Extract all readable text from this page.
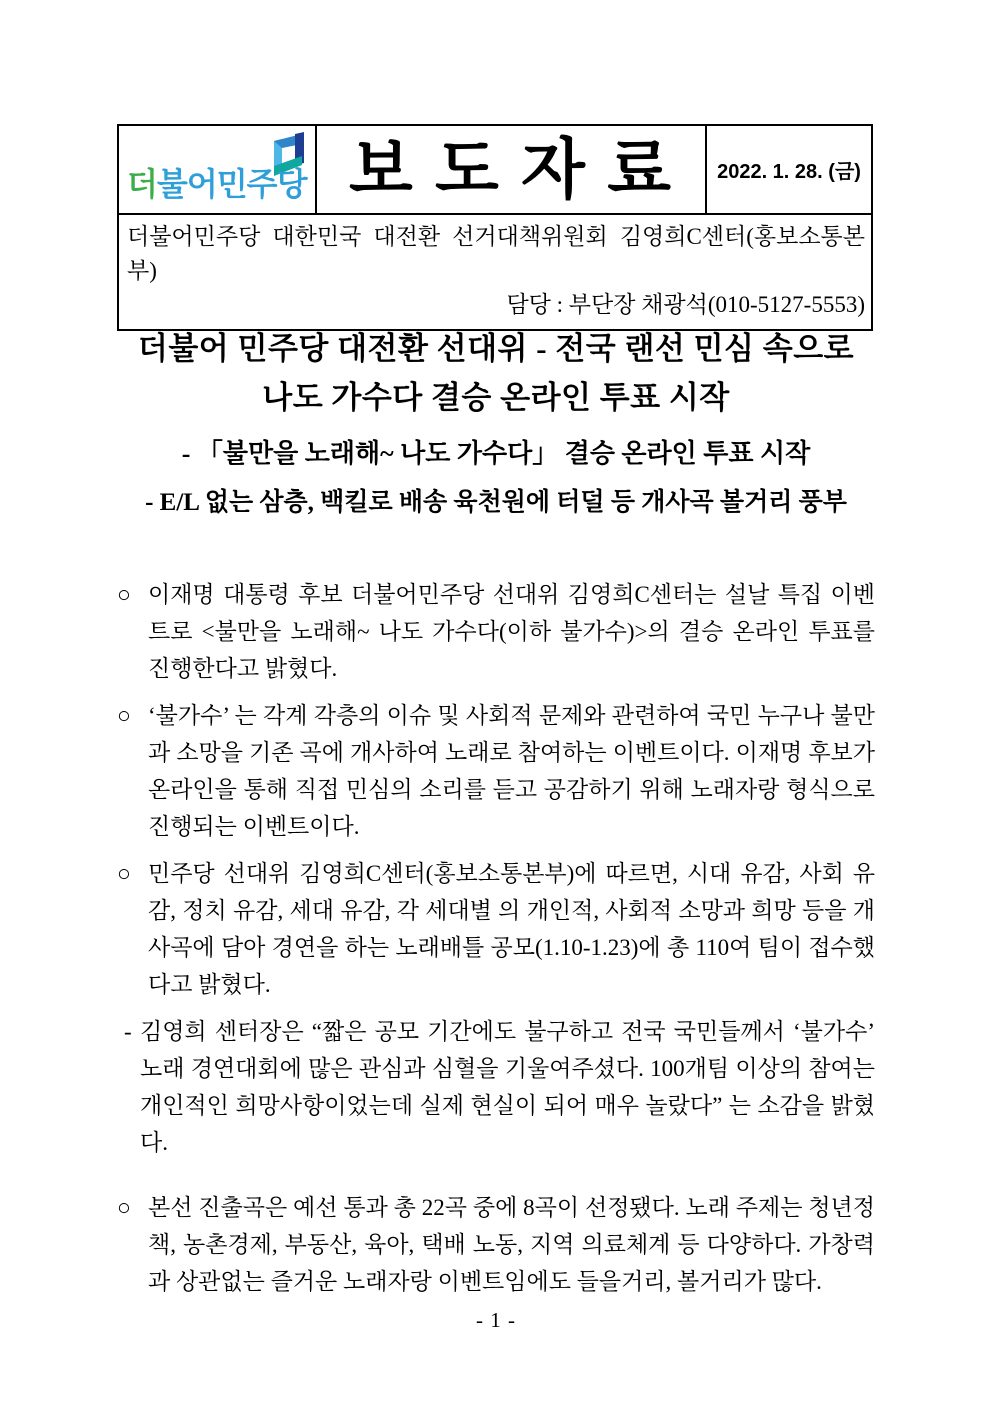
더불어민주당 보 도 자 료 2022. 1. 28. (금)
더불어민주당 대한민국 대전환 선거대책위원회 김영희C센터(홍보소통본부)
담당 : 부단장 채광석(010-5127-5553)
더불어 민주당 대전환 선대위 - 전국 랜선 민심 속으로
나도 가수다 결승 온라인 투표 시작
- 「불만을 노래해~ 나도 가수다」 결승 온라인 투표 시작
- E/L 없는 삼층, 백킬로 배송 육천원에 터덜 등 개사곡 볼거리 풍부
○ 이재명 대통령 후보 더불어민주당 선대위 김영희C센터는 설날 특집 이벤트로 <불만을 노래해~ 나도 가수다(이하 불가수)>의 결승 온라인 투표를 진행한다고 밝혔다.
○ ‘불가수’ 는 각계 각층의 이슈 및 사회적 문제와 관련하여 국민 누구나 불만과 소망을 기존 곡에 개사하여 노래로 참여하는 이벤트이다. 이재명 후보가 온라인을 통해 직접 민심의 소리를 듣고 공감하기 위해 노래자랑 형식으로 진행되는 이벤트이다.
○ 민주당 선대위 김영희C센터(홍보소통본부)에 따르면, 시대 유감, 사회 유감, 정치 유감, 세대 유감, 각 세대별 의 개인적, 사회적 소망과 희망 등을 개사곡에 담아 경연을 하는 노래배틀 공모(1.10-1.23)에 총 110여 팀이 접수했다고 밝혔다.
- 김영희 센터장은 “짧은 공모 기간에도 불구하고 전국 국민들께서 ‘불가수’ 노래 경연대회에 많은 관심과 심혈을 기울여주셨다. 100개팀 이상의 참여는 개인적인 희망사항이었는데 실제 현실이 되어 매우 놀랐다” 는 소감을 밝혔다.
○ 본선 진출곡은 예선 통과 총 22곡 중에 8곡이 선정됐다. 노래 주제는 청년정책, 농촌경제, 부동산, 육아, 택배 노동, 지역 의료체계 등 다양하다. 가창력과 상관없는 즐거운 노래자랑 이벤트임에도 들을거리, 볼거리가 많다.
- 1 -
